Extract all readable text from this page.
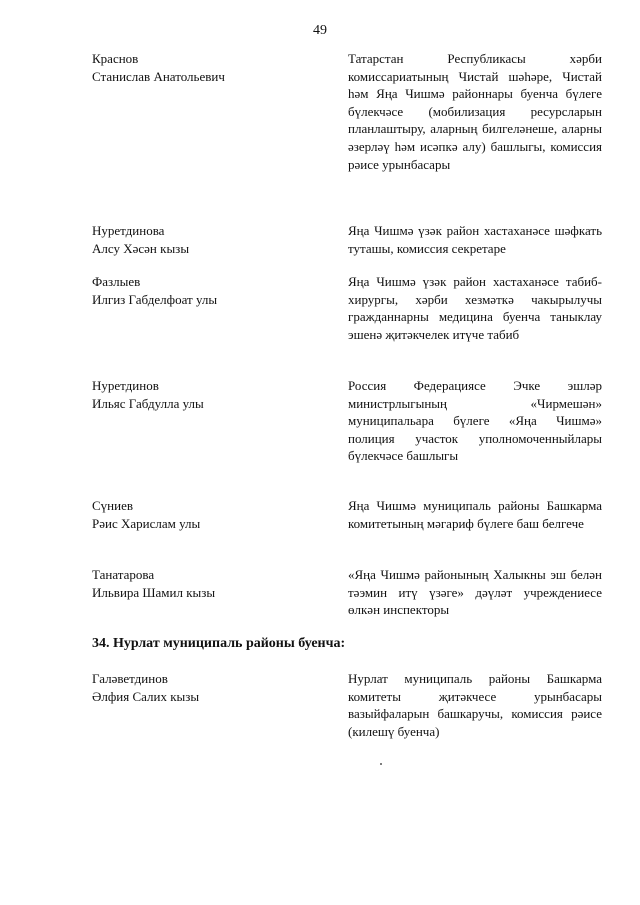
49
Краснов
Станислав Анатольевич
Татарстан Республикасы хәрби комиссариатының Чистай шәһәре, Чистай һәм Яңа Чишмә районнары буенча бүлеге бүлекчәсе (мобилизация ресурсларын планлаштыру, аларның билгеләнеше, аларны әзерләү һәм исәпкә алу) башлыгы, комиссия рәисе урынбасары
Нуретдинова
Алсу Хәсән кызы
Яңа Чишмә үзәк район хастаханәсе шәфкать туташы, комиссия секретаре
Фазлыев
Илгиз Габделфоат улы
Яңа Чишмә үзәк район хастаханәсе табиб-хирургы, хәрби хезмәткә чакырылучы гражданнарны медицина буенча таныклау эшенә җитәкчелек итүче табиб
Нуретдинов
Ильяс Габдулла улы
Россия Федерациясе Эчке эшләр министрлыгының «Чирмешән» муниципальара бүлеге «Яңа Чишмә» полиция участок уполномоченныйлары бүлекчәсе башлыгы
Сүниев
Рәис Харислам улы
Яңа Чишмә муниципаль районы Башкарма комитетының мәгариф бүлеге баш белгече
Танатарова
Ильвира Шамил кызы
«Яңа Чишмә районының Халыкны эш белән тәэмин итү үзәге» дәүләт учреждениесе өлкән инспекторы
34. Нурлат муниципаль районы буенча:
Галәветдинов
Әлфия Салих кызы
Нурлат муниципаль районы Башкарма комитеты җитәкчесе урынбасары вазыйфаларын башкаручы, комиссия рәисе (килешү буенча)
